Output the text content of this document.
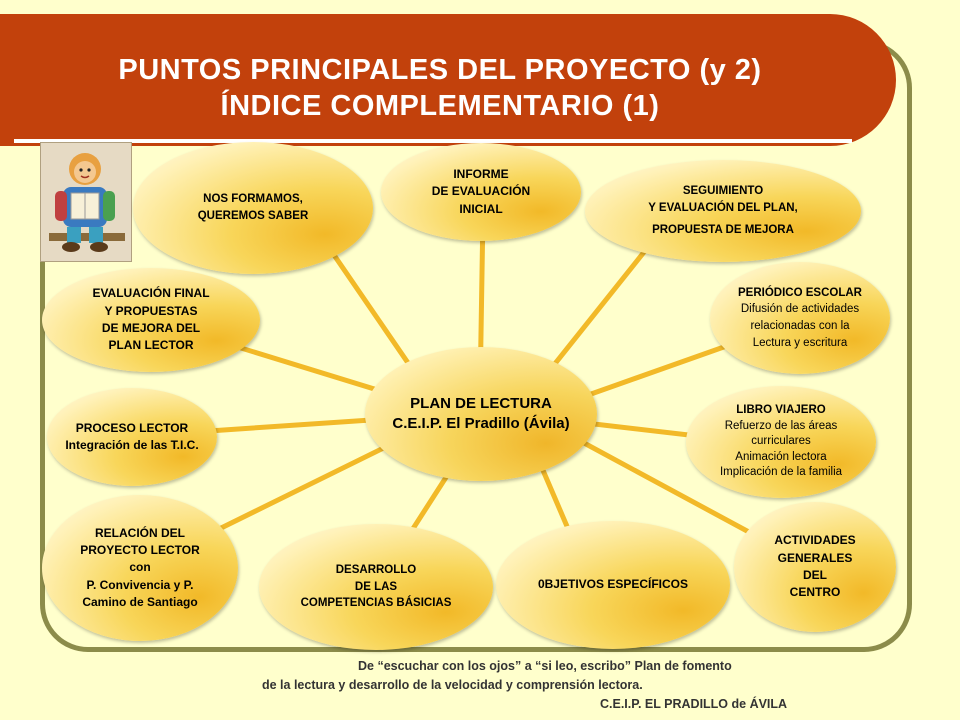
PUNTOS PRINCIPALES DEL PROYECTO (y 2)
ÍNDICE COMPLEMENTARIO (1)
PLAN DE LECTURA
C.E.I.P. El Pradillo (Ávila)
NOS FORMAMOS,
QUEREMOS SABER
INFORME
DE EVALUACIÓN
INICIAL
SEGUIMIENTO
Y EVALUACIÓN DEL PLAN,
PROPUESTA DE MEJORA
PERIÓDICO ESCOLAR
Difusión de actividades
relacionadas con la
Lectura y escritura
LIBRO VIAJERO
Refuerzo de las áreas
curriculares
Animación lectora
Implicación de la familia
ACTIVIDADES
GENERALES
DEL
CENTRO
0BJETIVOS ESPECÍFICOS
DESARROLLO
DE LAS
COMPETENCIAS BÁSICIAS
RELACIÓN DEL
PROYECTO LECTOR
con
P. Convivencia y P.
Camino de Santiago
PROCESO LECTOR
Integración de las T.I.C.
EVALUACIÓN FINAL
Y PROPUESTAS
DE MEJORA DEL
PLAN LECTOR
De “escuchar con los ojos” a “si leo, escribo” Plan de fomento
de la lectura y desarrollo de la velocidad y comprensión lectora.
C.E.I.P. EL PRADILLO de ÁVILA
